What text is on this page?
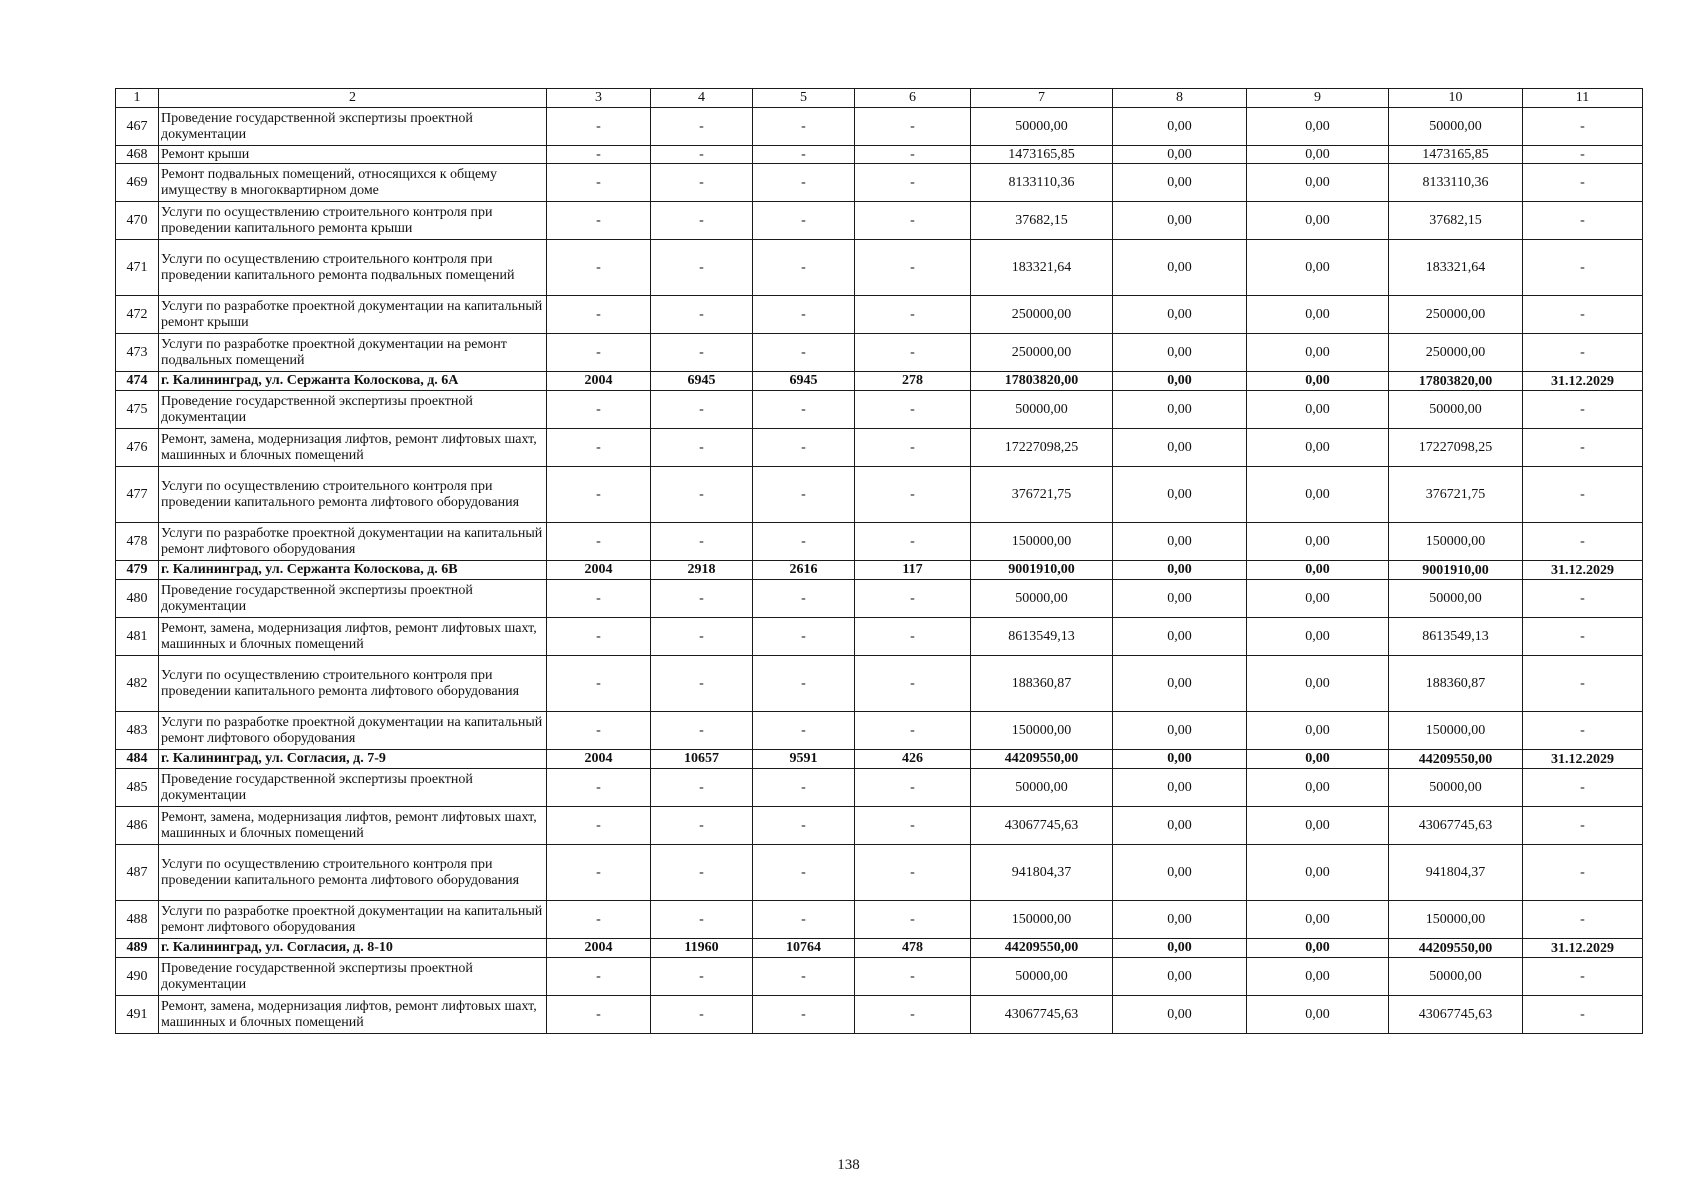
1	2	3	4	5	6	7	8	9	10	11
467	Проведение государственной экспертизы проектной документации	-	-	-	-	50000,00	0,00	0,00	50000,00	-
468	Ремонт крыши	-	-	-	-	1473165,85	0,00	0,00	1473165,85	-
469	Ремонт подвальных помещений, относящихся к общему имуществу в многоквартирном доме	-	-	-	-	8133110,36	0,00	0,00	8133110,36	-
470	Услуги по осуществлению строительного контроля при проведении капитального ремонта крыши	-	-	-	-	37682,15	0,00	0,00	37682,15	-
471	Услуги по осуществлению строительного контроля при проведении капитального ремонта подвальных помещений	-	-	-	-	183321,64	0,00	0,00	183321,64	-
472	Услуги по разработке проектной документации на капитальный ремонт крыши	-	-	-	-	250000,00	0,00	0,00	250000,00	-
473	Услуги по разработке проектной документации на ремонт подвальных помещений	-	-	-	-	250000,00	0,00	0,00	250000,00	-
474	г. Калининград, ул. Сержанта Колоскова, д. 6А	2004	6945	6945	278	17803820,00	0,00	0,00	17803820,00	31.12.2029
475	Проведение государственной экспертизы проектной документации	-	-	-	-	50000,00	0,00	0,00	50000,00	-
476	Ремонт, замена, модернизация лифтов, ремонт лифтовых шахт, машинных и блочных помещений	-	-	-	-	17227098,25	0,00	0,00	17227098,25	-
477	Услуги по осуществлению строительного контроля при проведении капитального ремонта лифтового оборудования	-	-	-	-	376721,75	0,00	0,00	376721,75	-
478	Услуги по разработке проектной документации на капитальный ремонт лифтового оборудования	-	-	-	-	150000,00	0,00	0,00	150000,00	-
479	г. Калининград, ул. Сержанта Колоскова, д. 6В	2004	2918	2616	117	9001910,00	0,00	0,00	9001910,00	31.12.2029
480	Проведение государственной экспертизы проектной документации	-	-	-	-	50000,00	0,00	0,00	50000,00	-
481	Ремонт, замена, модернизация лифтов, ремонт лифтовых шахт, машинных и блочных помещений	-	-	-	-	8613549,13	0,00	0,00	8613549,13	-
482	Услуги по осуществлению строительного контроля при проведении капитального ремонта лифтового оборудования	-	-	-	-	188360,87	0,00	0,00	188360,87	-
483	Услуги по разработке проектной документации на капитальный ремонт лифтового оборудования	-	-	-	-	150000,00	0,00	0,00	150000,00	-
484	г. Калининград, ул. Согласия, д. 7-9	2004	10657	9591	426	44209550,00	0,00	0,00	44209550,00	31.12.2029
485	Проведение государственной экспертизы проектной документации	-	-	-	-	50000,00	0,00	0,00	50000,00	-
486	Ремонт, замена, модернизация лифтов, ремонт лифтовых шахт, машинных и блочных помещений	-	-	-	-	43067745,63	0,00	0,00	43067745,63	-
487	Услуги по осуществлению строительного контроля при проведении капитального ремонта лифтового оборудования	-	-	-	-	941804,37	0,00	0,00	941804,37	-
488	Услуги по разработке проектной документации на капитальный ремонт лифтового оборудования	-	-	-	-	150000,00	0,00	0,00	150000,00	-
489	г. Калининград, ул. Согласия, д. 8-10	2004	11960	10764	478	44209550,00	0,00	0,00	44209550,00	31.12.2029
490	Проведение государственной экспертизы проектной документации	-	-	-	-	50000,00	0,00	0,00	50000,00	-
491	Ремонт, замена, модернизация лифтов, ремонт лифтовых шахт, машинных и блочных помещений	-	-	-	-	43067745,63	0,00	0,00	43067745,63	-
138
